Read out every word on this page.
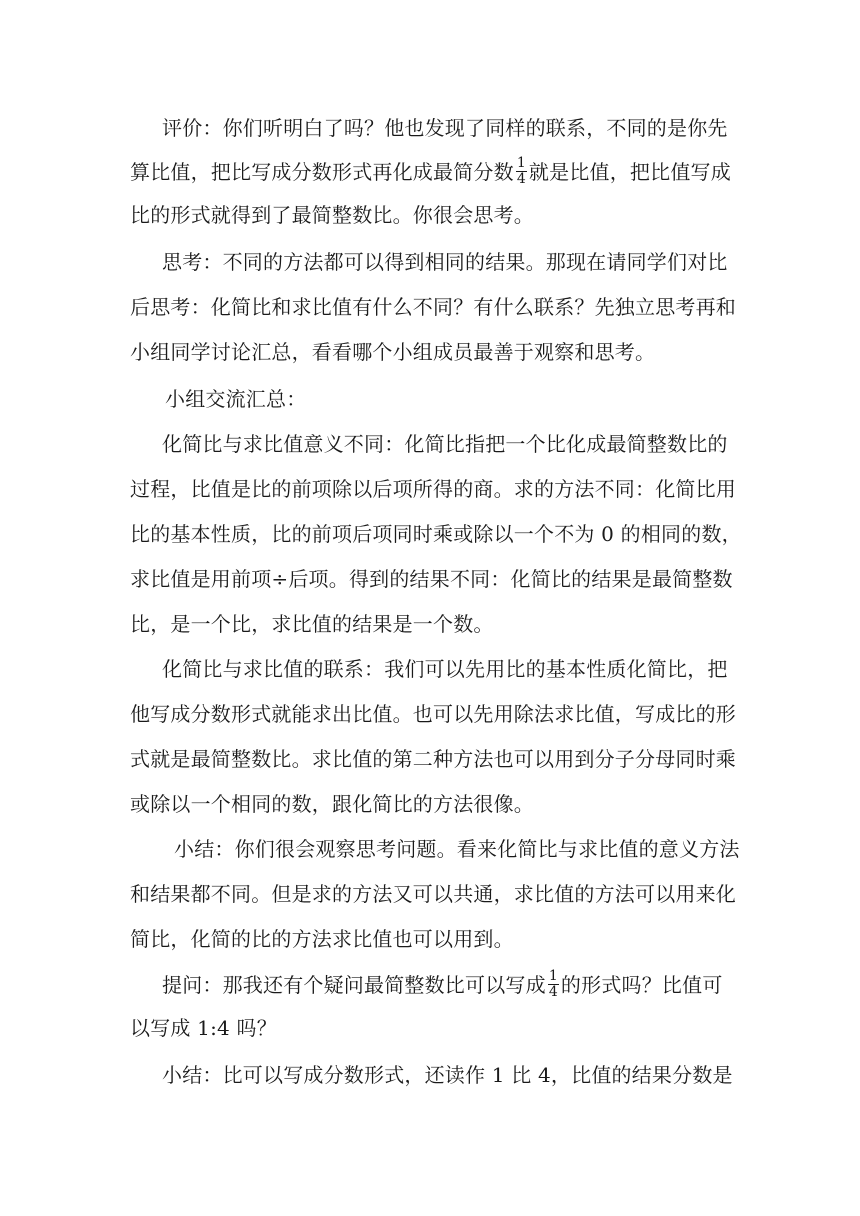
评价：你们听明白了吗？他也发现了同样的联系，不同的是你先
算比值，把比写成分数形式再化成最简分数 $\frac{1}{4}$ 就是比值，把比值写成
比的形式就得到了最简整数比。你很会思考。
思考：不同的方法都可以得到相同的结果。那现在请同学们对比
后思考：化简比和求比值有什么不同？有什么联系？先独立思考再和
小组同学讨论汇总，看看哪个小组成员最善于观察和思考。
小组交流汇总：
化简比与求比值意义不同：化简比指把一个比化成最简整数比的
过程，比值是比的前项除以后项所得的商。求的方法不同：化简比用
比的基本性质，比的前项后项同时乘或除以一个不为 0 的相同的数，
求比值是用前项÷后项。得到的结果不同：化简比的结果是最简整数
比，是一个比，求比值的结果是一个数。
化简比与求比值的联系：我们可以先用比的基本性质化简比，把
他写成分数形式就能求出比值。也可以先用除法求比值，写成比的形
式就是最简整数比。求比值的第二种方法也可以用到分子分母同时乘
或除以一个相同的数，跟化简比的方法很像。
小结：你们很会观察思考问题。看来化简比与求比值的意义方法
和结果都不同。但是求的方法又可以共通，求比值的方法可以用来化
简比，化简的比的方法求比值也可以用到。
提问：那我还有个疑问最简整数比可以写成 $\frac{1}{4}$ 的形式吗？比值可
以写成 1:4 吗？
小结：比可以写成分数形式，还读作 1 比 4，比值的结果分数是
